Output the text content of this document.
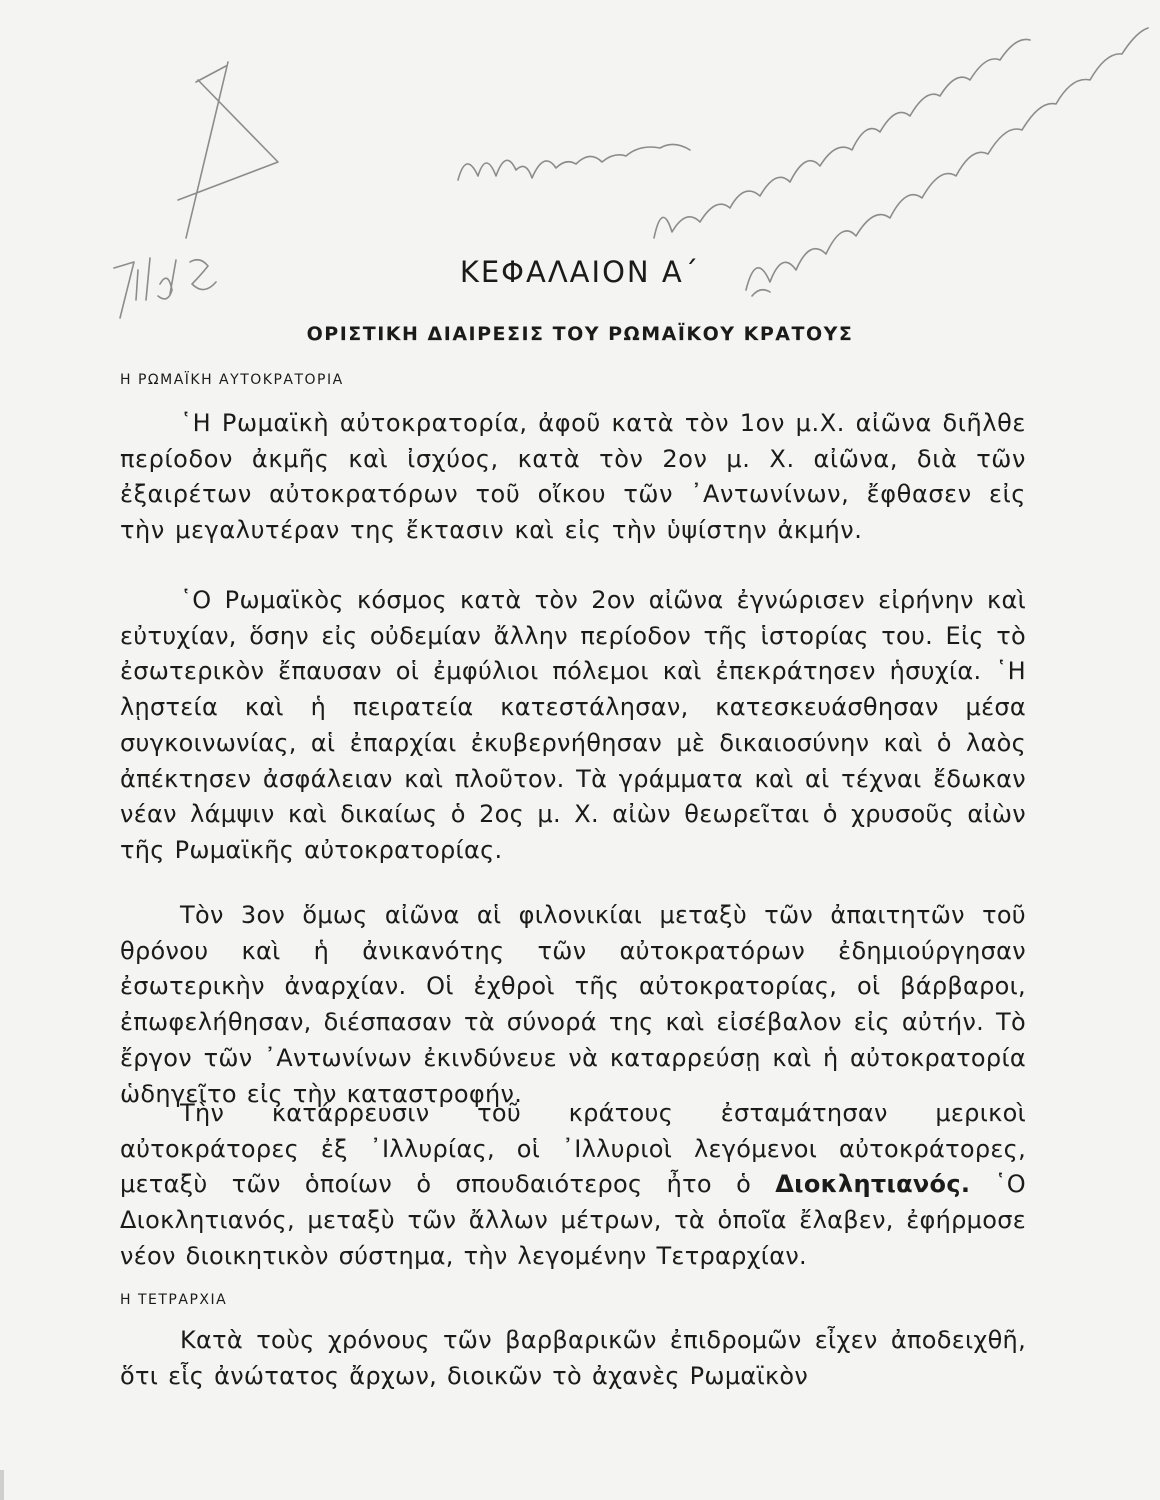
ΚΕΦΑΛΑΙΟΝ Α΄
ΟΡΙΣΤΙΚΗ ΔΙΑΙΡΕΣΙΣ ΤΟΥ ΡΩΜΑΪΚΟΥ ΚΡΑΤΟΥΣ
Η ΡΩΜΑΪΚΗ ΑΥΤΟΚΡΑΤΟΡΙΑ

῾Η Ρωμαϊκὴ αὐτοκρατορία, ἀφοῦ κατὰ τὸν 1ον μ.Χ. αἰῶνα διῆλθε περίοδον ἀκμῆς καὶ ἰσχύος, κατὰ τὸν 2ον μ. Χ. αἰῶνα, διὰ τῶν ἐξαιρέτων αὐτοκρατόρων τοῦ οἴκου τῶν ᾿Αντωνίνων, ἔφθασεν εἰς τὴν μεγαλυτέραν της ἔκτασιν καὶ εἰς τὴν ὑψίστην ἀκμήν.

῾Ο Ρωμαϊκὸς κόσμος κατὰ τὸν 2ον αἰῶνα ἐγνώρισεν εἰρήνην καὶ εὐτυχίαν, ὅσην εἰς οὐδεμίαν ἄλλην περίοδον τῆς ἱστορίας του. Εἰς τὸ ἐσωτερικὸν ἔπαυσαν οἱ ἐμφύλιοι πόλεμοι καὶ ἐπεκράτησεν ἡσυχία. ῾Η λῃστεία καὶ ἡ πειρατεία κατεστάλησαν, κατεσκευάσθησαν μέσα συγκοινωνίας, αἱ ἐπαρχίαι ἐκυβερνήθησαν μὲ δικαιοσύνην καὶ ὁ λαὸς ἀπέκτησεν ἀσφάλειαν καὶ πλοῦτον. Τὰ γράμματα καὶ αἱ τέχναι ἔδωκαν νέαν λάμψιν καὶ δικαίως ὁ 2ος μ. Χ. αἰὼν θεωρεῖται ὁ χρυσοῦς αἰὼν τῆς Ρωμαϊκῆς αὐτοκρατορίας.

Τὸν 3ον ὅμως αἰῶνα αἱ φιλονικίαι μεταξὺ τῶν ἀπαιτητῶν τοῦ θρόνου καὶ ἡ ἀνικανότης τῶν αὐτοκρατόρων ἐδημιούργησαν ἐσωτερικὴν ἀναρχίαν. Οἱ ἐχθροὶ τῆς αὐτοκρατορίας, οἱ βάρβαροι, ἐπωφελήθησαν, διέσπασαν τὰ σύνορά της καὶ εἰσέβαλον εἰς αὐτήν. Τὸ ἔργον τῶν ᾿Αντωνίνων ἐκινδύνευε νὰ καταρρεύσῃ καὶ ἡ αὐτοκρατορία ὡδηγεῖτο εἰς τὴν καταστροφήν.

Τὴν κατάρρευσιν τοῦ κράτους ἐσταμάτησαν μερικοὶ αὐτοκράτορες ἐξ ᾿Ιλλυρίας, οἱ ᾿Ιλλυριοὶ λεγόμενοι αὐτοκράτορες, μεταξὺ τῶν ὁποίων ὁ σπουδαιότερος ἦτο ὁ Διοκλητιανός. ῾Ο Διοκλητιανός, μεταξὺ τῶν ἄλλων μέτρων, τὰ ὁποῖα ἔλαβεν, ἐφήρμοσε νέον διοικητικὸν σύστημα, τὴν λεγομένην Τετραρχίαν.

Η ΤΕΤΡΑΡΧΙΑ

Κατὰ τοὺς χρόνους τῶν βαρβαρικῶν ἐπιδρομῶν εἶχεν ἀποδειχθῆ, ὅτι εἷς ἀνώτατος ἄρχων, διοικῶν τὸ ἀχανὲς Ρωμαϊκὸν
